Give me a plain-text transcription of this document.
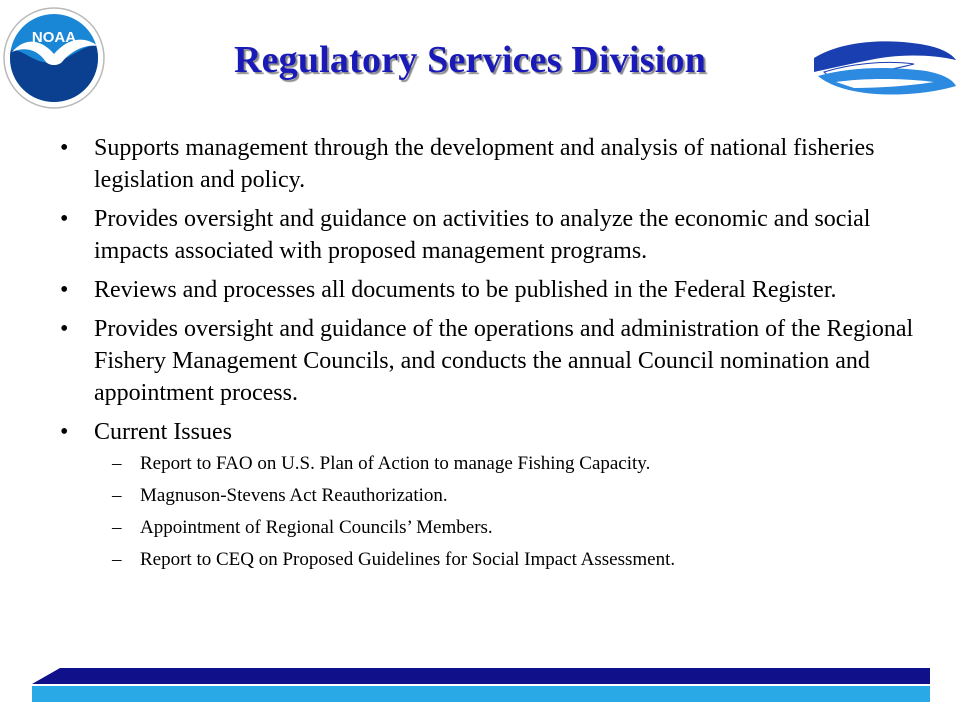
NOAA
Regulatory Services Division
• Supports management through the development and analysis of national fisheries legislation and policy.
• Provides oversight and guidance on activities to analyze the economic and social impacts associated with proposed management programs.
• Reviews and processes all documents to be published in the Federal Register.
• Provides oversight and guidance of the operations and administration of the Regional Fishery Management Councils, and conducts the annual Council nomination and appointment process.
• Current Issues
– Report to FAO on U.S. Plan of Action to manage Fishing Capacity.
– Magnuson-Stevens Act Reauthorization.
– Appointment of Regional Councils’ Members.
– Report to CEQ on Proposed Guidelines for Social Impact Assessment.
